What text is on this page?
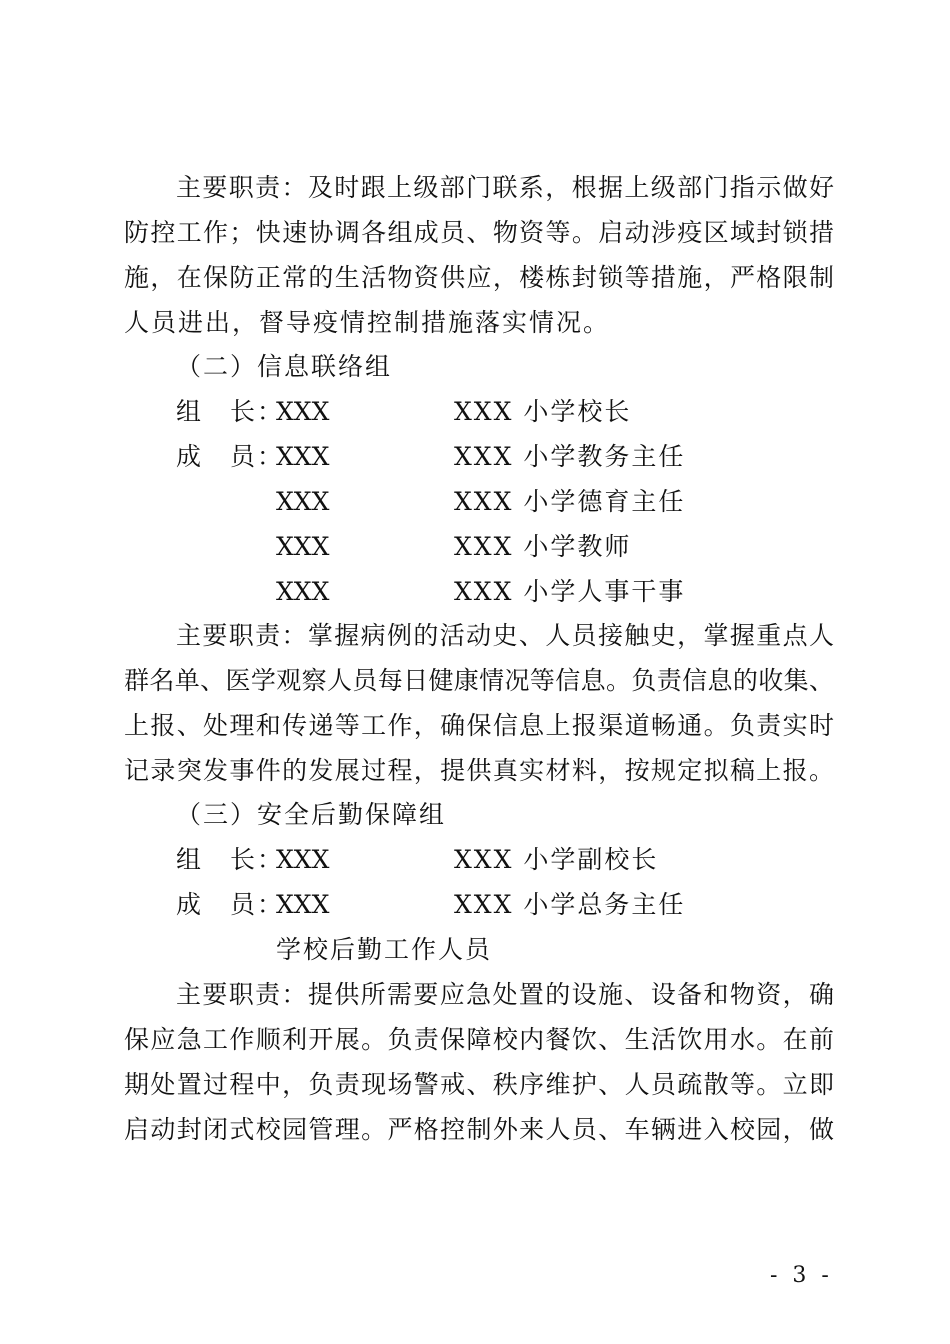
主要职责：及时跟上级部门联系，根据上级部门指示做好
防控工作；快速协调各组成员、物资等。启动涉疫区域封锁措
施，在保防正常的生活物资供应，楼栋封锁等措施，严格限制
人员进出，督导疫情控制措施落实情况。
（二）信息联络组
组　长：
XXX	XXX 小学校长
成　员：
XXX	XXX 小学教务主任
XXX	XXX 小学德育主任
XXX	XXX 小学教师
XXX	XXX 小学人事干事
主要职责：掌握病例的活动史、人员接触史，掌握重点人
群名单、医学观察人员每日健康情况等信息。负责信息的收集、
上报、处理和传递等工作，确保信息上报渠道畅通。负责实时
记录突发事件的发展过程，提供真实材料，按规定拟稿上报。
（三）安全后勤保障组
组　长：
XXX	XXX 小学副校长
成　员：
XXX	XXX 小学总务主任
学校后勤工作人员
主要职责：提供所需要应急处置的设施、设备和物资，确
保应急工作顺利开展。负责保障校内餐饮、生活饮用水。在前
期处置过程中，负责现场警戒、秩序维护、人员疏散等。立即
启动封闭式校园管理。严格控制外来人员、车辆进入校园，做
- 3 -
